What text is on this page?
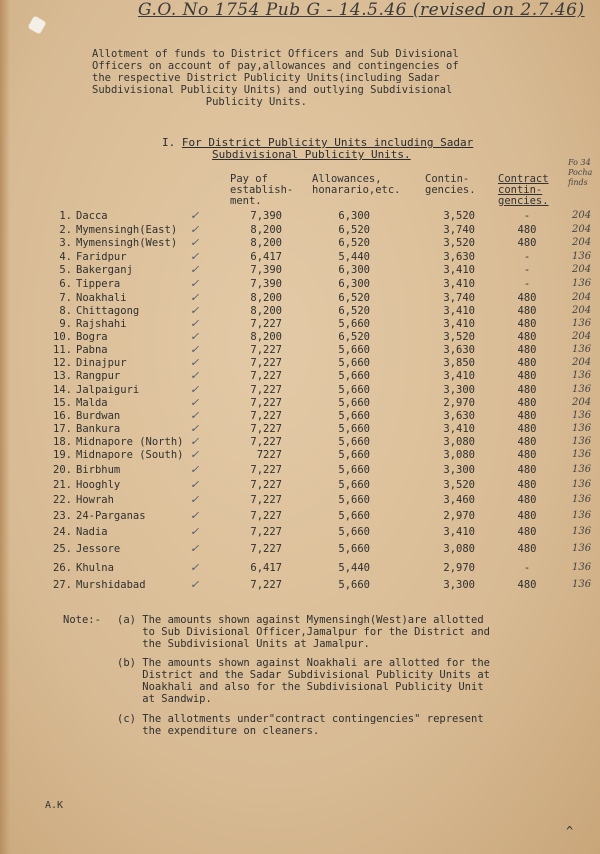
G.O. No 1754 Pub G - 14.5.46 (revised on 2.7.46)
Allotment of funds to District Officers and Sub Divisional
Officers on account of pay,allowances and contingencies of
the respective District Publicity Units(including Sadar
Subdivisional Publicity Units) and outlying Subdivisional
Publicity Units.
I. For District Publicity Units including Sadar
Subdivisional Publicity Units.
Pay of
establish-
ment.
Allowances,
honarario,etc.
Contin-
gencies.
Contract
contin-
gencies.
Fo 34
Pocha
finds
1. Dacca	7,390	6,300	3,520	-	204
✓
2. Mymensingh(East)	8,200	6,520	3,740	480	204
✓
3. Mymensingh(West)	8,200	6,520	3,520	480	204
✓
4. Faridpur	6,417	5,440	3,630	-	136
✓
5. Bakerganj	7,390	6,300	3,410	-	204
✓
6. Tippera	7,390	6,300	3,410	-	136
✓
7. Noakhali	8,200	6,520	3,740	480	204
✓
8. Chittagong	8,200	6,520	3,410	480	204
✓
9. Rajshahi	7,227	5,660	3,410	480	136
✓
10. Bogra	8,200	6,520	3,520	480	204
✓
11. Pabna	7,227	5,660	3,630	480	136
✓
12. Dinajpur	7,227	5,660	3,850	480	204
✓
13. Rangpur	7,227	5,660	3,410	480	136
✓
14. Jalpaiguri	7,227	5,660	3,300	480	136
✓
15. Malda	7,227	5,660	2,970	480	204
✓
16. Burdwan	7,227	5,660	3,630	480	136
✓
17. Bankura	7,227	5,660	3,410	480	136
✓
18. Midnapore (North)	7,227	5,660	3,080	480	136
✓
19. Midnapore (South)	7227	5,660	3,080	480	136
✓
20. Birbhum	7,227	5,660	3,300	480	136
✓
21. Hooghly	7,227	5,660	3,520	480	136
✓
22. Howrah	7,227	5,660	3,460	480	136
✓
23. 24-Parganas	7,227	5,660	2,970	480	136
✓
24. Nadia	7,227	5,660	3,410	480	136
✓
25. Jessore	7,227	5,660	3,080	480	136
✓
26. Khulna	6,417	5,440	2,970	-	136
✓
27. Murshidabad	7,227	5,660	3,300	480	136
✓
Note:- (a) The amounts shown against Mymensingh(West)are allotted
to Sub Divisional Officer,Jamalpur for the District and
the Subdivisional Units at Jamalpur.
(b) The amounts shown against Noakhali are allotted for the
District and the Sadar Subdivisional Publicity Units at
Noakhali and also for the Subdivisional Publicity Unit
at Sandwip.
(c) The allotments under"contract contingencies" represent
the expenditure on cleaners.
A.K
^
